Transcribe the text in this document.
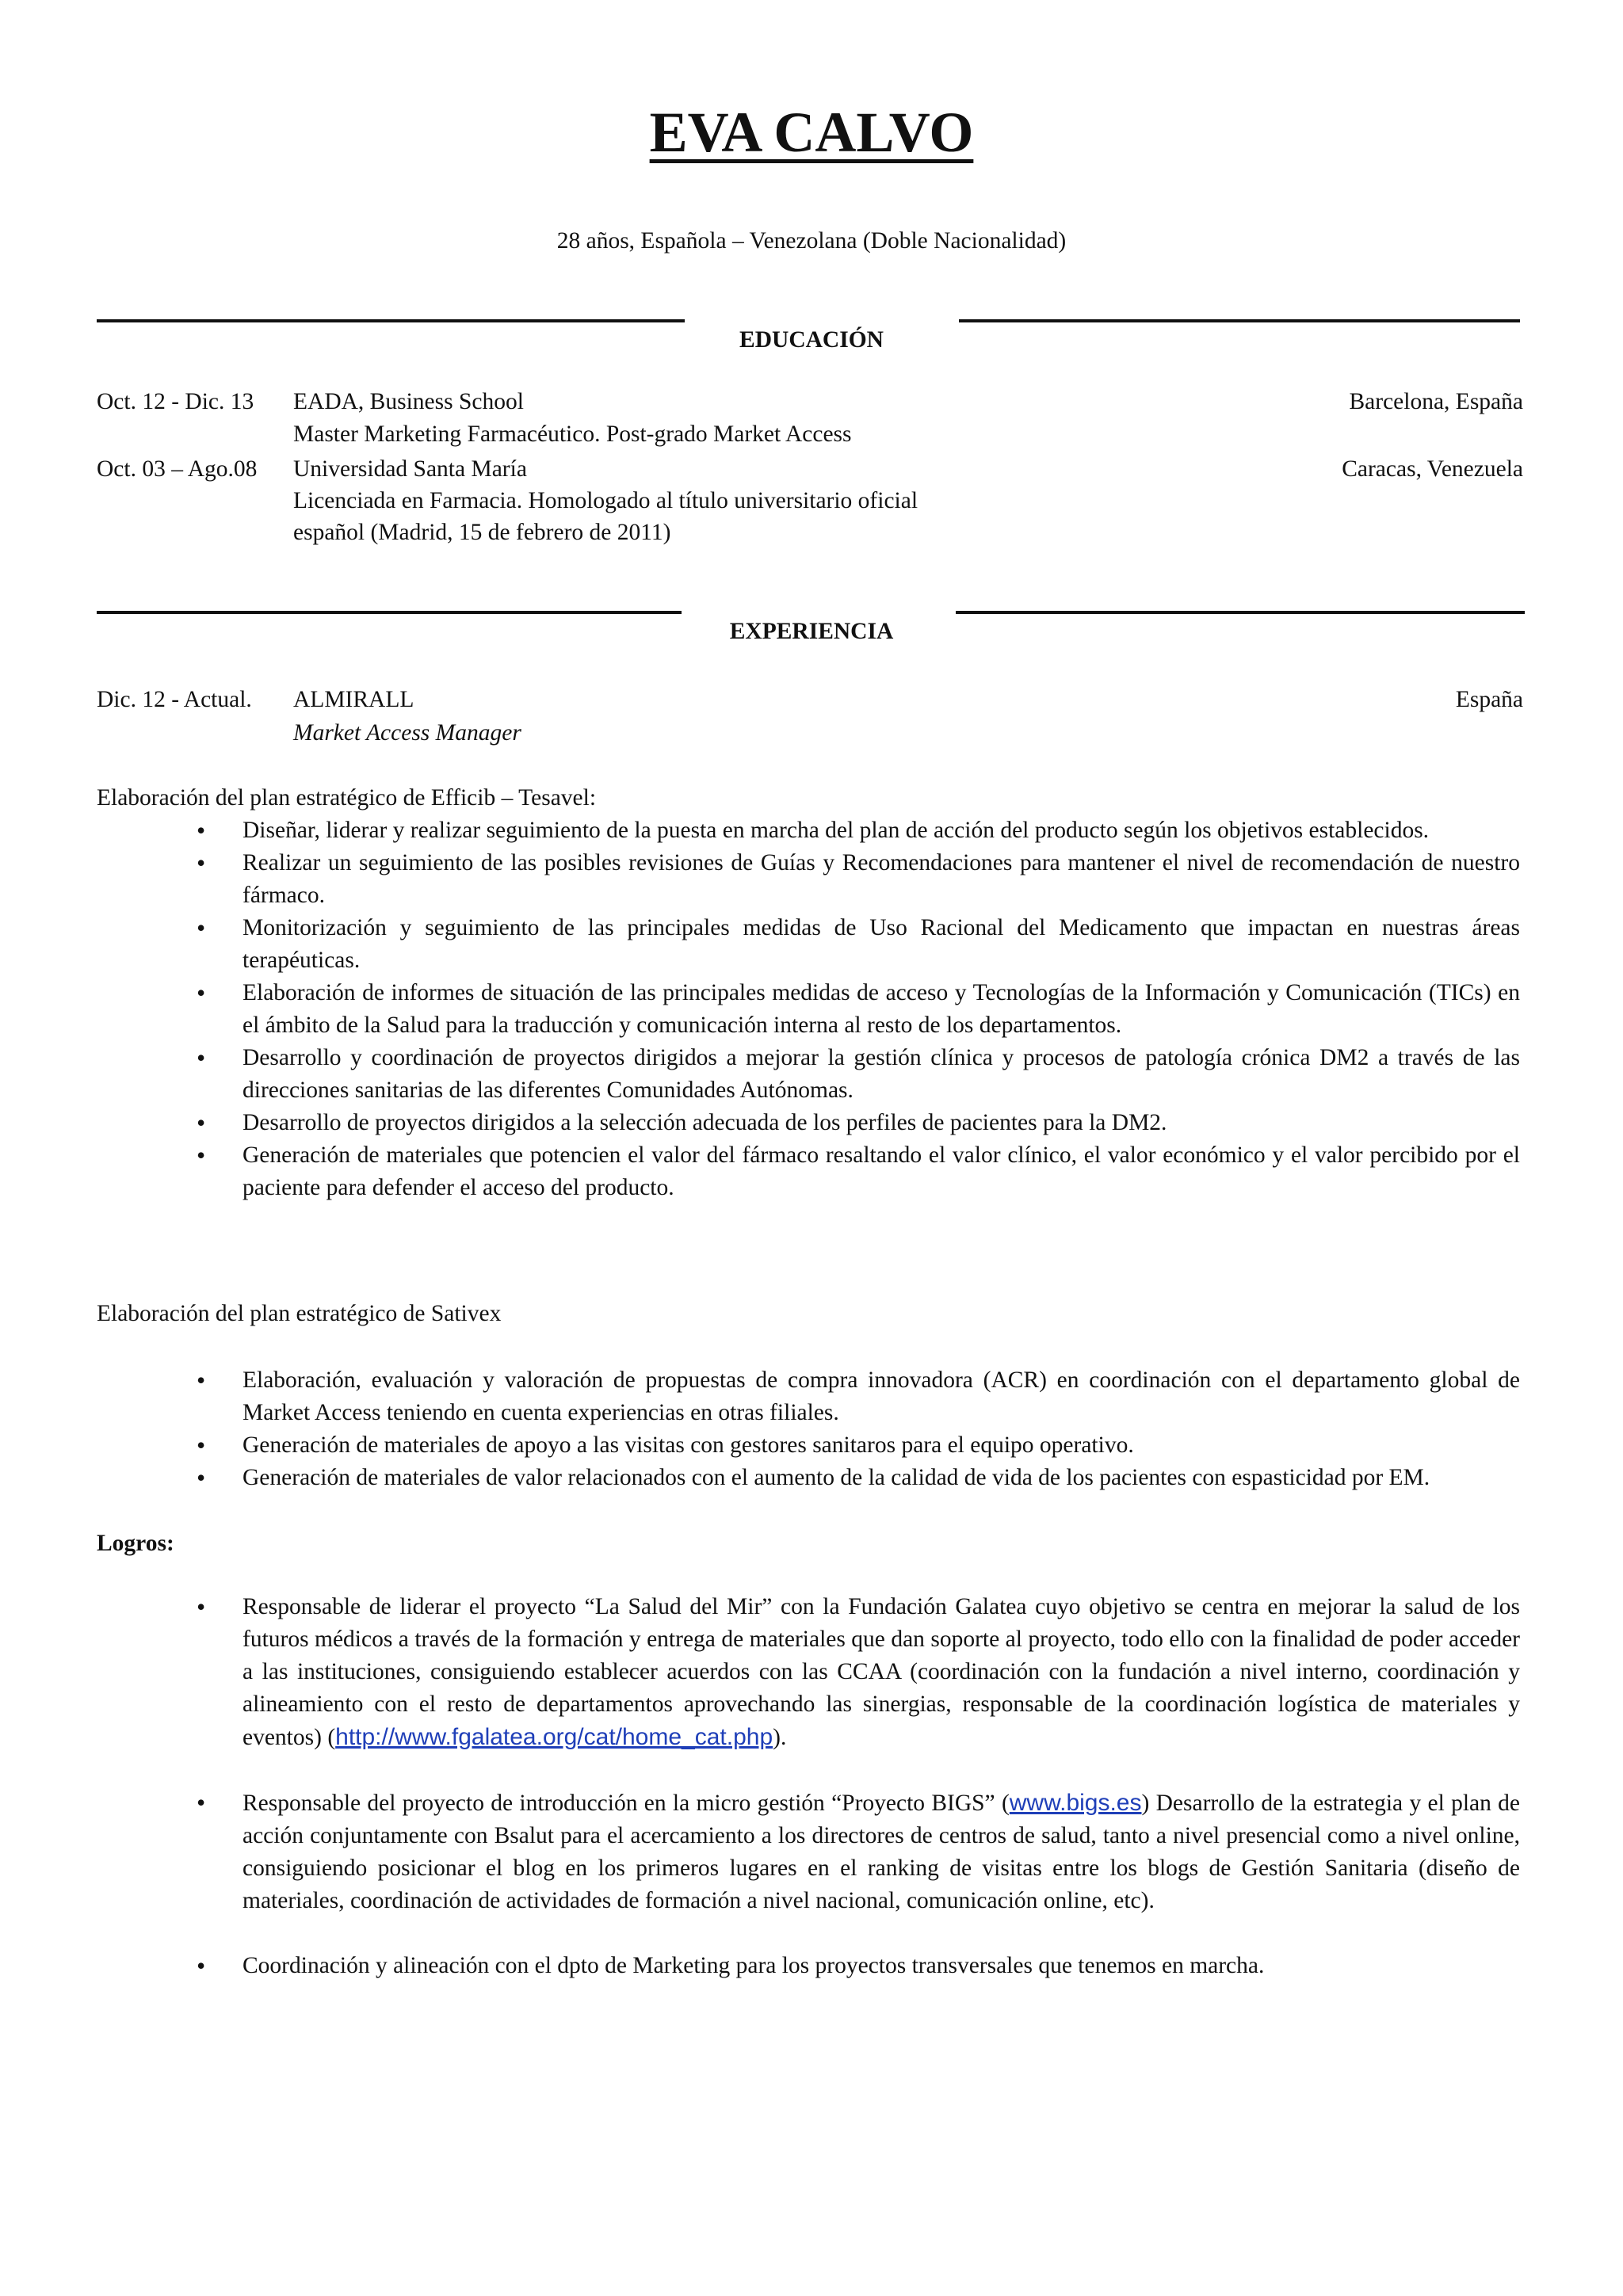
EVA CALVO
28 años, Española – Venezolana (Doble Nacionalidad)
EDUCACIÓN
Oct. 12 - Dic. 13 EADA, Business School	Barcelona, España
Master Marketing Farmacéutico. Post-grado Market Access
Oct. 03 – Ago.08 Universidad Santa María	Caracas, Venezuela
Licenciada en Farmacia. Homologado al título universitario oficial
español (Madrid, 15 de febrero de 2011)
EXPERIENCIA
Dic. 12 - Actual. ALMIRALL	España
Market Access Manager
Elaboración del plan estratégico de Efficib – Tesavel:
• Diseñar, liderar y realizar seguimiento de la puesta en marcha del plan de acción del producto según los objetivos establecidos.
• Realizar un seguimiento de las posibles revisiones de Guías y Recomendaciones para mantener el nivel de recomendación de nuestro fármaco.
• Monitorización y seguimiento de las principales medidas de Uso Racional del Medicamento que impactan en nuestras áreas terapéuticas.
• Elaboración de informes de situación de las principales medidas de acceso y Tecnologías de la Información y Comunicación (TICs) en el ámbito de la Salud para la traducción y comunicación interna al resto de los departamentos.
• Desarrollo y coordinación de proyectos dirigidos a mejorar la gestión clínica y procesos de patología crónica DM2 a través de las direcciones sanitarias de las diferentes Comunidades Autónomas.
• Desarrollo de proyectos dirigidos a la selección adecuada de los perfiles de pacientes para la DM2.
• Generación de materiales que potencien el valor del fármaco resaltando el valor clínico, el valor económico y el valor percibido por el paciente para defender el acceso del producto.
Elaboración del plan estratégico de Sativex
• Elaboración, evaluación y valoración de propuestas de compra innovadora (ACR) en coordinación con el departamento global de Market Access teniendo en cuenta experiencias en otras filiales.
• Generación de materiales de apoyo a las visitas con gestores sanitaros para el equipo operativo.
• Generación de materiales de valor relacionados con el aumento de la calidad de vida de los pacientes con espasticidad por EM.
Logros:
• Responsable de liderar el proyecto “La Salud del Mir” con la Fundación Galatea cuyo objetivo se centra en mejorar la salud de los futuros médicos a través de la formación y entrega de materiales que dan soporte al proyecto, todo ello con la finalidad de poder acceder a las instituciones, consiguiendo establecer acuerdos con las CCAA (coordinación con la fundación a nivel interno, coordinación y alineamiento con el resto de departamentos aprovechando las sinergias, responsable de la coordinación logística de materiales y eventos) (http://www.fgalatea.org/cat/home_cat.php).
• Responsable del proyecto de introducción en la micro gestión “Proyecto BIGS” (www.bigs.es) Desarrollo de la estrategia y el plan de acción conjuntamente con Bsalut para el acercamiento a los directores de centros de salud, tanto a nivel presencial como a nivel online, consiguiendo posicionar el blog en los primeros lugares en el ranking de visitas entre los blogs de Gestión Sanitaria (diseño de materiales, coordinación de actividades de formación a nivel nacional, comunicación online, etc).
• Coordinación y alineación con el dpto de Marketing para los proyectos transversales que tenemos en marcha.
